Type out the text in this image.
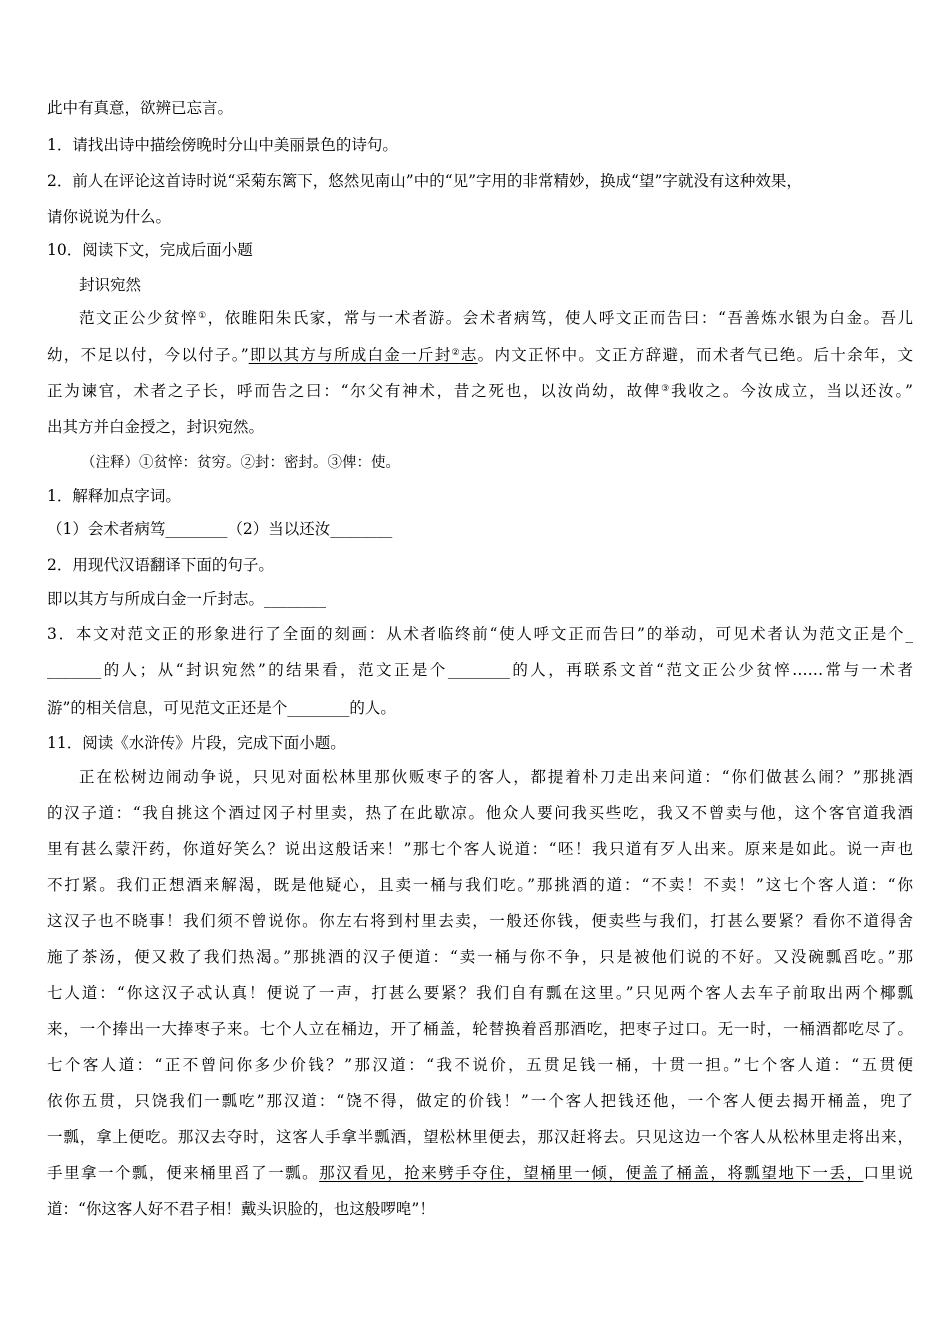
此中有真意，欲辨已忘言。
1．请找出诗中描绘傍晚时分山中美丽景色的诗句。
2．前人在评论这首诗时说“采菊东篱下，悠然见南山”中的“见”字用的非常精妙，换成“望”字就没有这种效果，
请你说说为什么。
10．阅读下文，完成后面小题
封识宛然
范文正公少贫悴①，依睢阳朱氏家，常与一术者游。会术者病笃，使人呼文正而告曰：“吾善炼水银为白金。吾儿
幼，不足以付，今以付子。”即以其方与所成白金一斤封②志。内文正怀中。文正方辞避，而术者气已绝。后十余年，文
正为谏官，术者之子长，呼而告之曰：“尔父有神术，昔之死也，以汝尚幼，故俾③我收之。今汝成立，当以还汝。”
出其方并白金授之，封识宛然。
（注释）①贫悴：贫穷。②封：密封。③俾：使。
1．解释加点字词。
（1）会术者病笃________（2）当以还汝________
2．用现代汉语翻译下面的句子。
即以其方与所成白金一斤封志。________
3．本文对范文正的形象进行了全面的刻画：从术者临终前“使人呼文正而告曰”的举动，可见术者认为范文正是个_
_______的人；从“封识宛然”的结果看，范文正是个________的人，再联系文首“范文正公少贫悴……常与一术者
游”的相关信息，可见范文正还是个________的人。
11．阅读《水浒传》片段，完成下面小题。
正在松树边闹动争说，只见对面松林里那伙贩枣子的客人，都提着朴刀走出来问道：“你们做甚么闹？”那挑酒
的汉子道：“我自挑这个酒过冈子村里卖，热了在此歇凉。他众人要问我买些吃，我又不曾卖与他，这个客官道我酒
里有甚么蒙汗药，你道好笑么？说出这般话来！”那七个客人说道：“呸！我只道有歹人出来。原来是如此。说一声也
不打紧。我们正想酒来解渴，既是他疑心，且卖一桶与我们吃。”那挑酒的道：“不卖！不卖！”这七个客人道：“你
这汉子也不晓事！我们须不曾说你。你左右将到村里去卖，一般还你钱，便卖些与我们，打甚么要紧？看你不道得舍
施了茶汤，便又救了我们热渴。”那挑酒的汉子便道：“卖一桶与你不争，只是被他们说的不好。又没碗瓢舀吃。”那
七人道：“你这汉子忒认真！便说了一声，打甚么要紧？我们自有瓢在这里。”只见两个客人去车子前取出两个椰瓢
来，一个捧出一大捧枣子来。七个人立在桶边，开了桶盖，轮替换着舀那酒吃，把枣子过口。无一时，一桶酒都吃尽了。
七个客人道：“正不曾问你多少价钱？”那汉道：“我不说价，五贯足钱一桶，十贯一担。”七个客人道：“五贯便
依你五贯，只饶我们一瓢吃”那汉道：“饶不得，做定的价钱！”一个客人把钱还他，一个客人便去揭开桶盖，兜了
一瓢，拿上便吃。那汉去夺时，这客人手拿半瓢酒，望松林里便去，那汉赶将去。只见这边一个客人从松林里走将出来，
手里拿一个瓢，便来桶里舀了一瓢。那汉看见，抢来劈手夺住，望桶里一倾，便盖了桶盖，将瓢望地下一丢，口里说
道：“你这客人好不君子相！戴头识脸的，也这般啰唣”！
